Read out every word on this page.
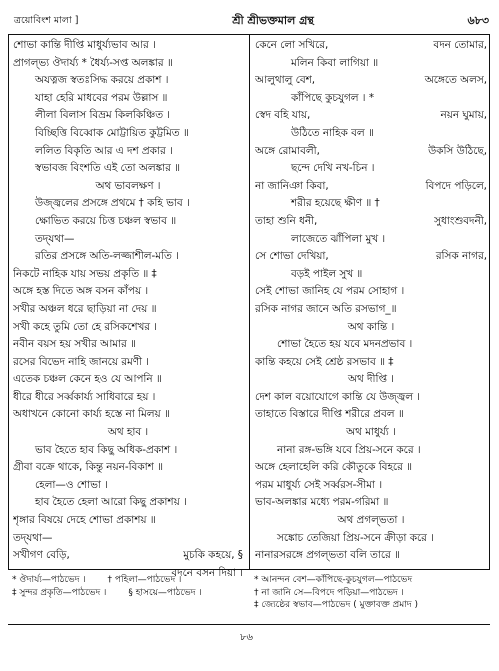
ত্রয়োবিংশ মালা ]	শ্রী শ্রীভক্তমাল গ্রন্থ	৬৮৩
শোভা কান্তি দীপ্তি মাধুর্য্যভাব আর ।
প্রাগল্ভ্য ঔদার্য্য * ধৈর্য্য-সপ্ত অলঙ্কার ॥
অযত্নজ স্বতঃসিদ্ধ করয়ে প্রকাশ ।
যাহা হেরি মাধবের পরম উল্লাস ॥
লীলা বিলাস বিভ্রম কিলকিঞ্চিত ।
বিচ্ছিত্তি বিব্বোক মোট্টায়িত কুট্টমিত ॥
ললিত বিকৃতি আর এ দশ প্রকার ।
স্বভাবজ বিংশতি এই তো অলঙ্কার ॥
অথ ভাবলক্ষণ ।
উজ্জ্বলের প্রসঙ্গে প্রথমে † কহি ভাব ।
ক্ষোভিত করয়ে চিত্ত চঞ্চল স্বভাব ॥
তদ্‌যথা—
রতির প্রসঙ্গে অতি-লজ্জাশীল-মতি ।
নিকটে নাহিক যায় সভয় প্রকৃতি ॥ ‡
অঙ্গে হস্ত দিতে অঙ্গ বসন কাঁপয় ।
সখীর অঞ্চল ধরে ছাড়িয়া না দেয় ॥
সখী কহে তুমি তো হে রসিকশেখর ।
নবীন বয়স হয় সখীর আমার ॥
রসের বিভেদ নাহি জানয়ে রমণী ।
এতেক চঞ্চল কেনে হও যে আপনি ॥
ধীরে ধীরে সর্ব্বকার্য্য সাধিবারে হয় ।
অধাখনে কোনো কার্য্য হস্তে না মিলয় ॥
অথ হাব ।
ভাব হৈতে হাব কিছু অধিক-প্রকাশ ।
গ্রীবা বক্রে থাকে, কিন্তু নয়ন-বিকাশ ॥
হেলা—ও শোভা ।
হাব হৈতে হেলা আরো কিছু প্রকাশয় ।
শৃঙ্গার বিষয়ে দেহে শোভা প্রকাশয় ॥
তদ্‌যথা—
সখীগণ বেড়ি,	মুচকি কহয়ে, §
বদনে বসন দিয়া ।
কেনে লো সখিরে,	বদন তোমার,
মলিন কিবা লাগিয়া ॥
আলুথালু বেশ,	অঙ্গেতে অলস,
কাঁপিছে কুচযুগল । *
স্বেদ বহি যায়,	নয়ন ঘুমায়,
উঠিতে নাহিক বল ॥
অঙ্গে রোমাবলী,	উকসি উঠিছে,
ছন্দে দেখি নখ-চিন ।
না জানিঞা কিবা,	বিপদে পড়িলে,
শরীর হয়েছে ক্ষীণ ॥ †
তাহা শুনি ধনী,	সুধাংশুবদনী,
লাজেতে ঝাঁপিলা মুখ ।
সে শোভা দেখিয়া,	রসিক নাগর,
বড়ই পাইল সুখ ॥
সেই শোভা জানিহ যে পরম সোহাগ ।
রসিক নাগর জানে অতি রসভাগ_॥
অথ কান্তি ।
শোভা হৈতে হয় যবে মদনপ্রভাব ।
কান্তি কহয়ে সেই শ্রেষ্ঠ রসভাব ॥ ‡
অথ দীপ্তি ।
দেশ কাল বয়োযোগে কান্তি যে উজ্জ্বল ।
তাহাতে বিস্তারে দীপ্তি শরীরে প্রবল ॥
অথ মাধুর্য্য ।
নানা রঙ্গ-ভঙ্গি যবে প্রিয়-সনে করে ।
অঙ্গে হেলাহেলি করি কৌতুকে বিহরে ॥
পরম মাধুর্য্য সেই সর্ব্বরস-সীমা ।
ভাব-অলঙ্কার মধ্যে পরম-গরিমা ॥
অথ প্রগল্ভতা ।
সঙ্কোচ তেজিয়া প্রিয়-সনে ক্রীড়া করে ।
নানারসরঙ্গে প্রগল্ভতা বলি তারে ॥
* ঔদার্য্য—পাঠভেদ । † পহিলা—পাঠভেদ ।
‡ সুন্দর প্রকৃতি—পাঠভেদ । § হাসয়ে—পাঠভেদ ।
* আনন্দন বেশ—কাঁপিছে-কুচযুগল—পাঠভেদ
† না জানি সে—বিপদে পড়িয়া—পাঠভেদ ।
‡ জ্যেষ্ঠের স্বভাব—পাঠভেদ ( মুক্তাবক্ত প্রমাদ )
৮৬
